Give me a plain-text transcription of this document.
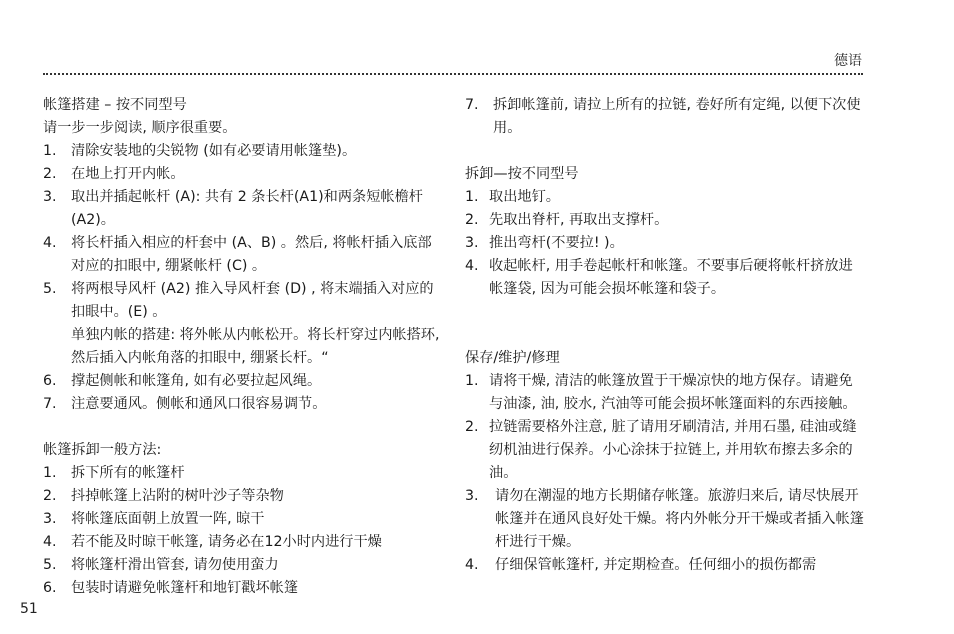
德语

帐篷搭建 – 按不同型号

请一步一步阅读, 顺序很重要。

1.	清除安装地的尖锐物 (如有必要请用帐篷垫)。
2.	在地上打开内帐。
3.	取出并插起帐杆 (A): 共有 2 条长杆(A1)和两条短帐檐杆(A2)。
4.	将长杆插入相应的杆套中 (A、B) 。然后, 将帐杆插入底部对应的扣眼中, 绷紧帐杆 (C) 。
5.	将两根导风杆 (A2) 推入导风杆套 (D) , 将末端插入对应的扣眼中。(E) 。

单独内帐的搭建: 将外帐从内帐松开。将长杆穿过内帐搭环, 然后插入内帐角落的扣眼中, 绷紧长杆。“

6.	撑起侧帐和帐篷角, 如有必要拉起风绳。
7.	注意要通风。侧帐和通风口很容易调节。

帐篷拆卸一般方法:

1.	拆下所有的帐篷杆
2.	抖掉帐篷上沾附的树叶沙子等杂物
3.	将帐篷底面朝上放置一阵, 晾干
4.	若不能及时晾干帐篷, 请务必在12小时内进行干燥
5.	将帐篷杆滑出管套, 请勿使用蛮力
6.	包装时请避免帐篷杆和地钉戳坏帐篷
7.	拆卸帐篷前, 请拉上所有的拉链, 卷好所有定绳, 以便下次使用。

拆卸—按不同型号

1. 取出地钉。
2. 先取出脊杆, 再取出支撑杆。
3. 推出弯杆(不要拉! )。
4. 收起帐杆, 用手卷起帐杆和帐篷。不要事后硬将帐杆挤放进帐篷袋, 因为可能会损坏帐篷和袋子。

保存/维护/修理

1. 请将干燥, 清洁的帐篷放置于干燥凉快的地方保存。请避免与油漆, 油, 胶水, 汽油等可能会损坏帐篷面料的东西接触。
2. 拉链需要格外注意, 脏了请用牙刷清洁, 并用石墨, 硅油或缝纫机油进行保养。小心涂抹于拉链上, 并用软布擦去多余的油。
3.	请勿在潮湿的地方长期储存帐篷。旅游归来后, 请尽快展开帐篷并在通风良好处干燥。将内外帐分开干燥或者插入帐篷杆进行干燥。
4.	仔细保管帐篷杆, 并定期检查。任何细小的损伤都需
51
